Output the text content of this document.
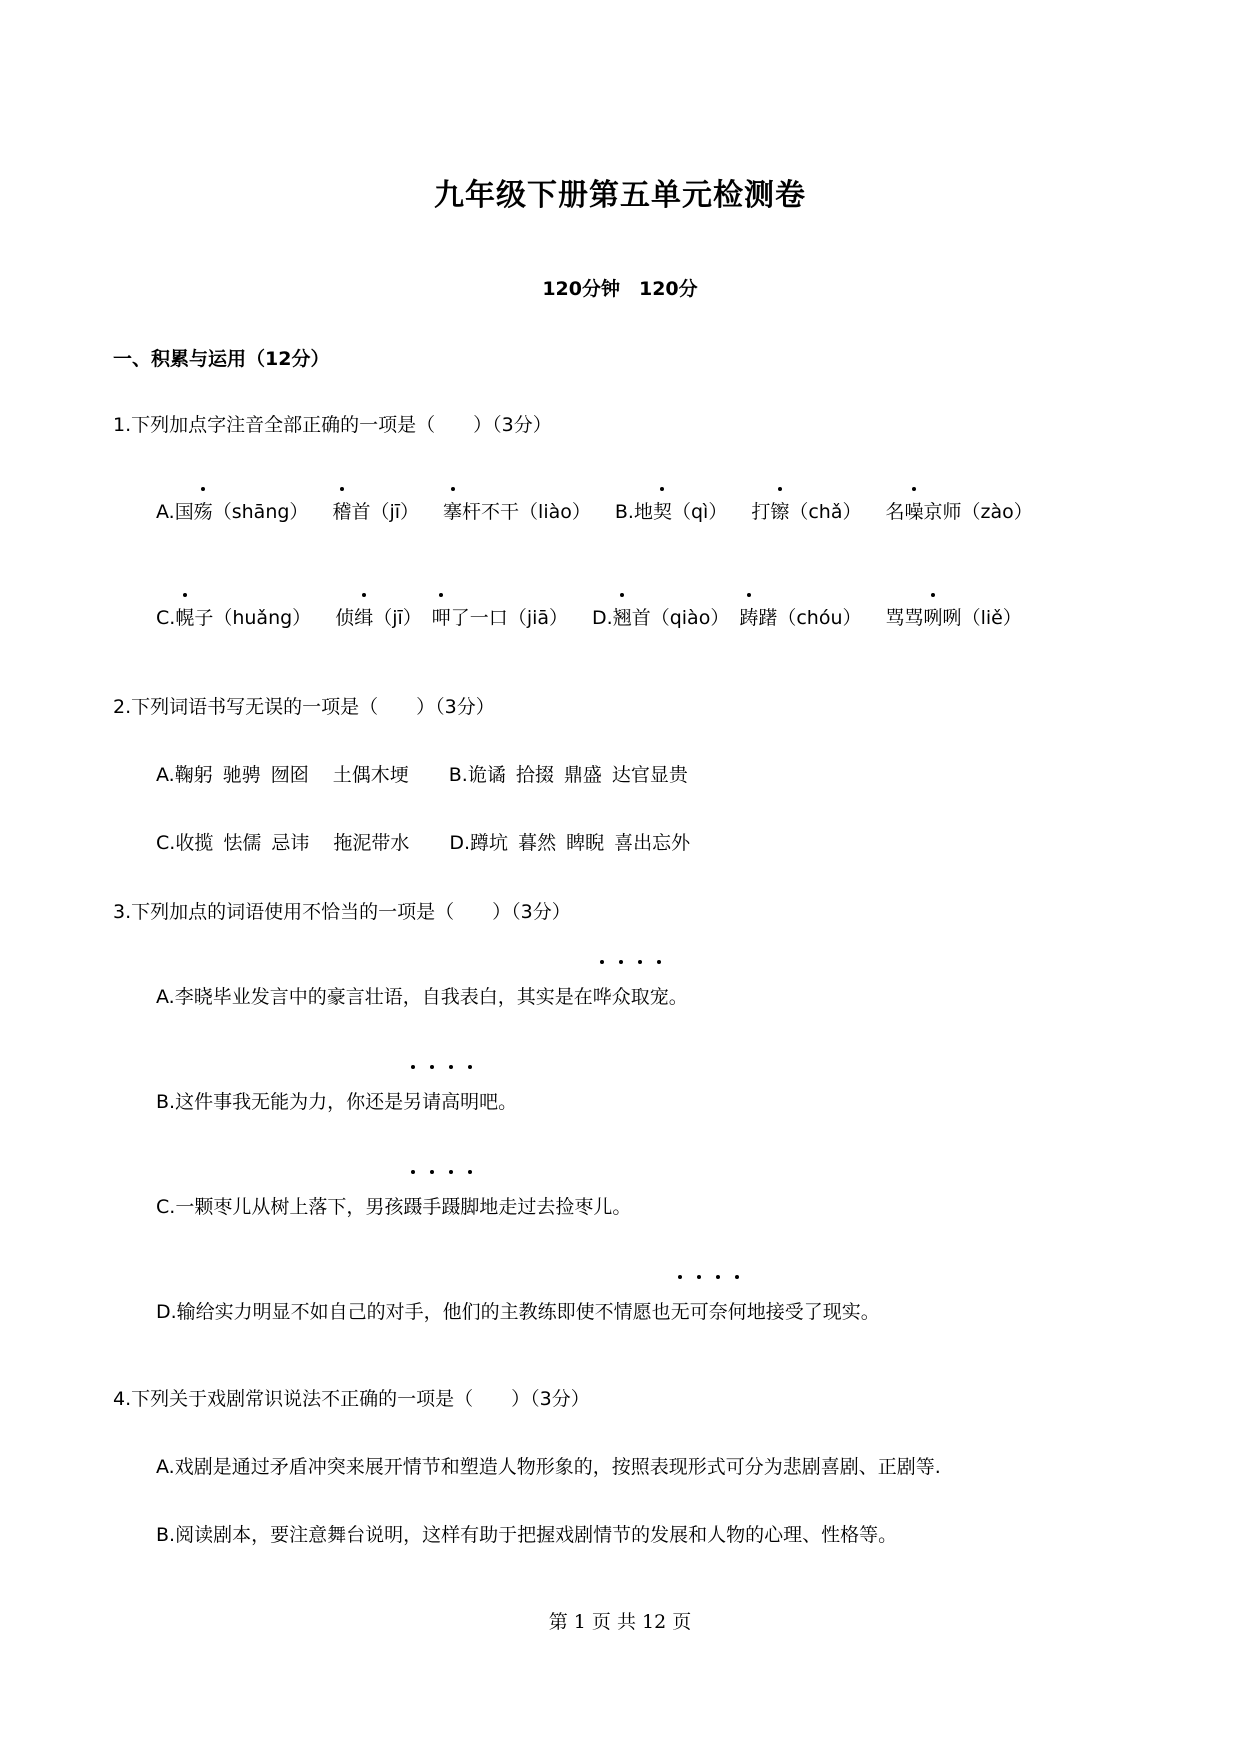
九年级下册第五单元检测卷
120分钟　120分
一、积累与运用（12分）
1.下列加点字注音全部正确的一项是（　　）（3分）
A.国殇（shāng） 稽首（jī） 搴杆不干（liào） B.地契（qì） 打镲（chǎ） 名噪京师（zào）
C.幌子（huǎng） 侦缉（jī） 呷了一口（jiā） D.翘首（qiào） 踌躇（chóu） 骂骂咧咧（liě）
2.下列词语书写无误的一项是（　　）（3分）
A.鞠躬 驰骋 囫囵 土偶木埂 B.诡谲 拾掇 鼎盛 达官显贵
C.收揽 怯儒 忌讳 拖泥带水 D.蹲坑 暮然 睥睨 喜出忘外
3.下列加点的词语使用不恰当的一项是（　　）（3分）
A.李晓毕业发言中的豪言壮语，自我表白，其实是在哗众取宠。
B.这件事我无能为力，你还是另请高明吧。
C.一颗枣儿从树上落下，男孩蹑手蹑脚地走过去捡枣儿。
D.输给实力明显不如自己的对手，他们的主教练即使不情愿也无可奈何地接受了现实。
4.下列关于戏剧常识说法不正确的一项是（　　）（3分）
A.戏剧是通过矛盾冲突来展开情节和塑造人物形象的，按照表现形式可分为悲剧喜剧、正剧等.
B.阅读剧本，要注意舞台说明，这样有助于把握戏剧情节的发展和人物的心理、性格等。
第 1 页 共 12 页
